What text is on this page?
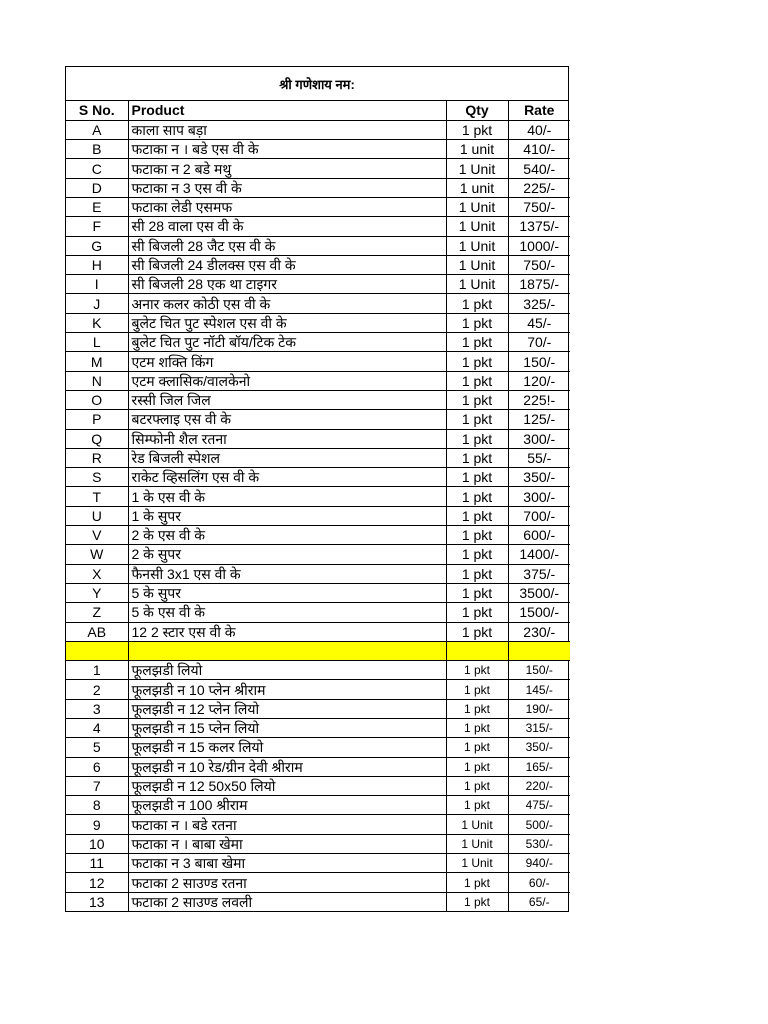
श्री गणेशाय नम:
S No.	Product	Qty	Rate
A	काला साप बड़ा	1 pkt	40/-
B	फटाका न । बडे एस वी के	1 unit	410/-
C	फटाका न 2 बडे मथु	1 Unit	540/-
D	फटाका न 3 एस वी के	1 unit	225/-
E	फटाका लेडी एसमफ	1 Unit	750/-
F	सी 28 वाला एस वी के	1 Unit	1375/-
G	सी बिजली 28 जैट एस वी के	1 Unit	1000/-
H	सी बिजली 24 डीलक्स एस वी के	1 Unit	750/-
I	सी बिजली 28 एक था टाइगर	1 Unit	1875/-
J	अनार कलर कोठी एस वी के	1 pkt	325/-
K	बुलेट चित पुट स्पेशल एस वी के	1 pkt	45/-
L	बुलेट चित पुट नॉटी बॉय/टिक टेक	1 pkt	70/-
M	एटम शक्ति किंग	1 pkt	150/-
N	एटम क्लासिक/वालकेनो	1 pkt	120/-
O	रस्सी जिल जिल	1 pkt	225!-
P	बटरफ्लाइ एस वी के	1 pkt	125/-
Q	सिम्फोनी शैल रतना	1 pkt	300/-
R	रेड बिजली स्पेशल	1 pkt	55/-
S	राकेट व्हिसलिंग एस वी के	1 pkt	350/-
T	1 के एस वी के	1 pkt	300/-
U	1 के सुपर	1 pkt	700/-
V	2 के एस वी के	1 pkt	600/-
W	2 के सुपर	1 pkt	1400/-
X	फैनसी 3x1 एस वी के	1 pkt	375/-
Y	5 के सुपर	1 pkt	3500/-
Z	5 के एस वी के	1 pkt	1500/-
AB	12 2 स्टार एस वी के	1 pkt	230/-

1	फूलझडी लियो	1 pkt	150/-
2	फूलझडी न 10 प्लेन श्रीराम	1 pkt	145/-
3	फूलझडी न 12 प्लेन लियो	1 pkt	190/-
4	फूलझडी न 15 प्लेन लियो	1 pkt	315/-
5	फूलझडी न 15 कलर लियो	1 pkt	350/-
6	फूलझडी न 10 रेड/ग्रीन देवी श्रीराम	1 pkt	165/-
7	फूलझडी न 12 50x50 लियो	1 pkt	220/-
8	फूलझडी न 100 श्रीराम	1 pkt	475/-
9	फटाका न । बडे रतना	1 Unit	500/-
10	फटाका न । बाबा खेमा	1 Unit	530/-
11	फटाका न 3 बाबा खेमा	1 Unit	940/-
12	फटाका 2 साउण्ड रतना	1 pkt	60/-
13	फटाका 2 साउण्ड लवली	1 pkt	65/-
